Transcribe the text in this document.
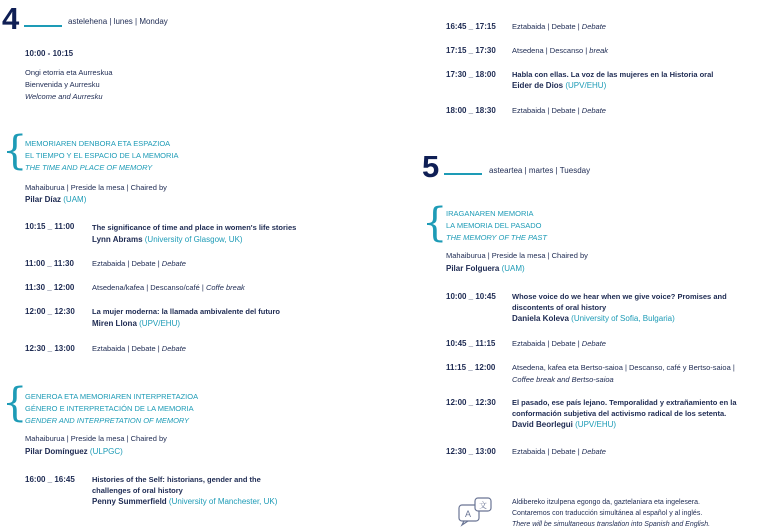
4	astelehena | lunes | Monday
10:00 - 10:15
Ongi etorria eta Aurreskua
Bienvenida y Aurresku
Welcome and Aurresku
{
MEMORIAREN DENBORA ETA ESPAZIOA
EL TIEMPO Y EL ESPACIO DE LA MEMORIA
THE TIME AND PLACE OF MEMORY
Mahaiburua | Preside la mesa | Chaired by
Pilar Díaz (UAM)
10:15 _ 11:00 The significance of time and place in women's life stories
Lynn Abrams (University of Glasgow, UK)
11:00 _ 11:30 Eztabaida | Debate | Debate
11:30 _ 12:00 Atsedena/kafea | Descanso/café | Coffe break
12:00 _ 12:30 La mujer moderna: la llamada ambivalente del futuro
Miren Llona (UPV/EHU)
12:30 _ 13:00 Eztabaida | Debate | Debate
{
GENEROA ETA MEMORIAREN INTERPRETAZIOA
GÉNERO E INTERPRETACIÓN DE LA MEMORIA
GENDER AND INTERPRETATION OF MEMORY
Mahaiburua | Preside la mesa | Chaired by
Pilar Domínguez (ULPGC)
16:00 _ 16:45 Histories of the Self: historians, gender and the
challenges of oral history
Penny Summerfield (University of Manchester, UK)
16:45 _ 17:15 Eztabaida | Debate | Debate
17:15 _ 17:30 Atsedena | Descanso | break
17:30 _ 18:00 Habla con ellas. La voz de las mujeres en la Historia oral
Eider de Dios (UPV/EHU)
18:00 _ 18:30 Eztabaida | Debate | Debate
5	astearteа | martes | Tuesday
{
IRAGANAREN MEMORIA
LA MEMORIA DEL PASADO
THE MEMORY OF THE PAST
Mahaiburua | Preside la mesa | Chaired by
Pilar Folguera (UAM)
10:00 _ 10:45 Whose voice do we hear when we give voice? Promises and
discontents of oral history
Daniela Koleva (University of Sofia, Bulgaria)
10:45 _ 11:15 Eztabaida | Debate | Debate
11:15 _ 12:00 Atsedena, kafea eta Bertso-saioa | Descanso, café y Bertso-saioa |
Coffee break and Bertso-saioa
12:00 _ 12:30 El pasado, ese país lejano. Temporalidad y extrañamiento en la
conformación subjetiva del activismo radical de los setenta.
David Beorlegui (UPV/EHU)
12:30 _ 13:00 Eztabaida | Debate | Debate
A
文	Aldibereko itzulpena egongo da, gaztelaniara eta ingelesera.
Contaremos con traducción simultánea al español y al inglés.
There will be simultaneous translation into Spanish and English.
